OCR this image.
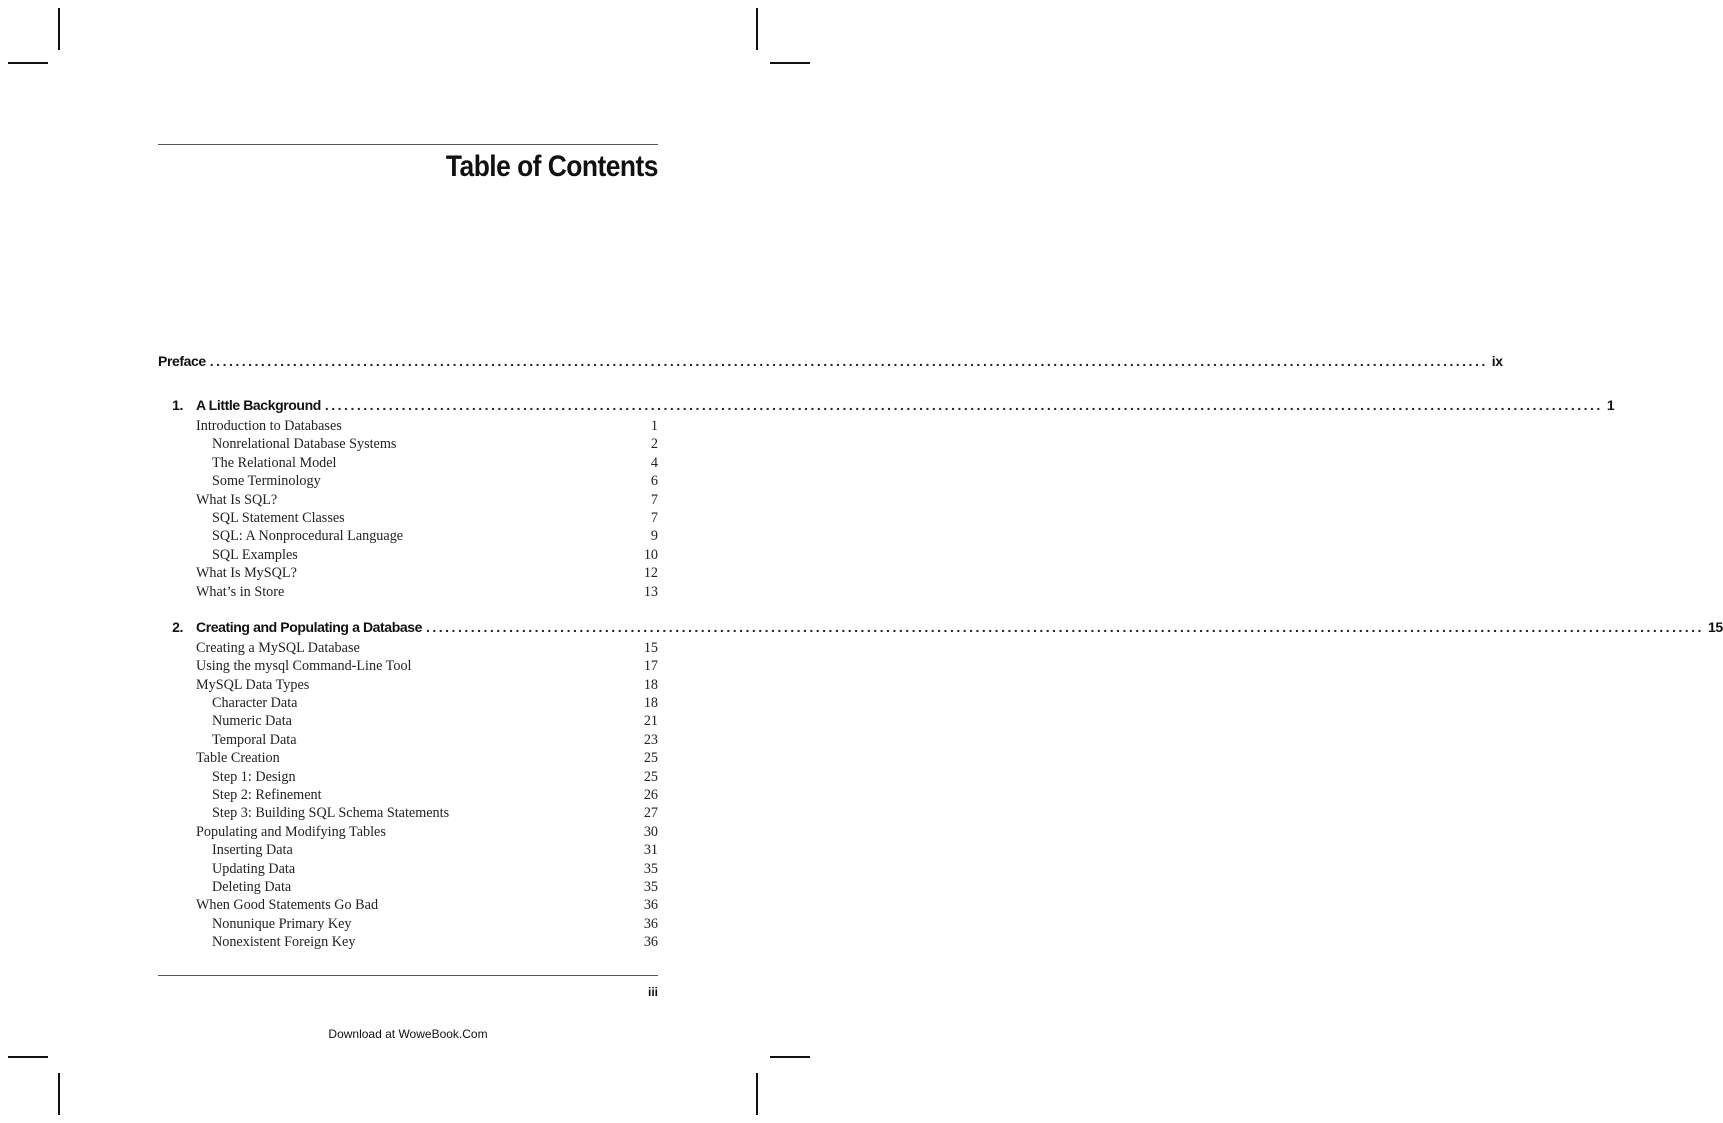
Table of Contents
Preface ........................................................................................................................................................................................................ ix
1. A Little Background ........................................................................................................................................................................................................ 1
Introduction to Databases	1
Nonrelational Database Systems	2
The Relational Model	4
Some Terminology	6
What Is SQL?	7
SQL Statement Classes	7
SQL: A Nonprocedural Language	9
SQL Examples	10
What Is MySQL?	12
What’s in Store	13
2. Creating and Populating a Database ........................................................................................................................................................................................................ 15
Creating a MySQL Database	15
Using the mysql Command-Line Tool	17
MySQL Data Types	18
Character Data	18
Numeric Data	21
Temporal Data	23
Table Creation	25
Step 1: Design	25
Step 2: Refinement	26
Step 3: Building SQL Schema Statements	27
Populating and Modifying Tables	30
Inserting Data	31
Updating Data	35
Deleting Data	35
When Good Statements Go Bad	36
Nonunique Primary Key	36
Nonexistent Foreign Key	36
iii
Download at WoweBook.Com
